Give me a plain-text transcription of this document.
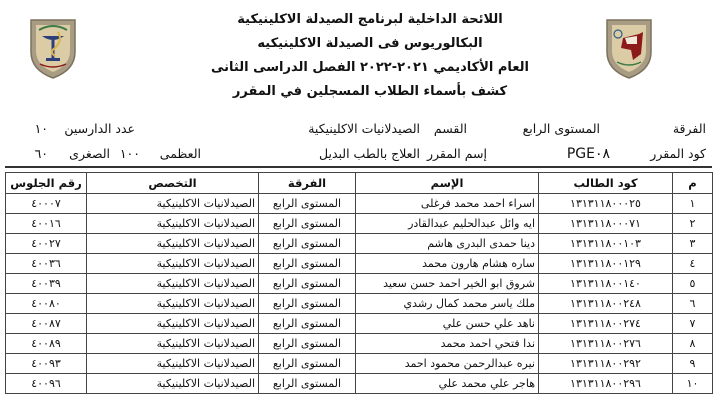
اللائحة الداخلية لبرنامج الصيدلة الاكلينيكية
البكالوريوس فى الصيدلة الاكلينيكيه
العام الأكاديمي ٢٠٢١-٢٠٢٢ الفصل الدراسى الثانى
كشف بأسماء الطلاب المسجلين في المقرر
الفرقة
المستوى الرابع
القسم
الصيدلانيات الاكلينيكية
عدد الدارسين
١٠
كود المقرر
PGE٠٨
إسم المقرر
العلاج بالطب البديل
العظمى
١٠٠
الصغرى
٦٠
م	كود الطالب	الإسم	الفرقة	التخصص	رقم الجلوس
١	١٣١٣١١٨٠٠٠٢٥	اسراء احمد محمد فرغلى	المستوى الرابع	الصيدلانيات الاكلينيكية	٤٠٠٠٧
٢	١٣١٣١١٨٠٠٠٧١	ايه وائل عبدالحليم عبدالقادر	المستوى الرابع	الصيدلانيات الاكلينيكية	٤٠٠١٦
٣	١٣١٣١١٨٠٠١٠٣	دينا حمدى البدرى هاشم	المستوى الرابع	الصيدلانيات الاكلينيكية	٤٠٠٢٧
٤	١٣١٣١١٨٠٠١٢٩	ساره هشام هارون محمد	المستوى الرابع	الصيدلانيات الاكلينيكية	٤٠٠٣٦
٥	١٣١٣١١٨٠٠١٤٠	شروق ابو الخير احمد حسن سعيد	المستوى الرابع	الصيدلانيات الاكلينيكية	٤٠٠٣٩
٦	١٣١٣١١٨٠٠٢٤٨	ملك ياسر محمد كمال رشدي	المستوى الرابع	الصيدلانيات الاكلينيكية	٤٠٠٨٠
٧	١٣١٣١١٨٠٠٢٧٤	ناهد علي حسن علي	المستوى الرابع	الصيدلانيات الاكلينيكية	٤٠٠٨٧
٨	١٣١٣١١٨٠٠٢٧٦	ندا فتحي احمد محمد	المستوى الرابع	الصيدلانيات الاكلينيكية	٤٠٠٨٩
٩	١٣١٣١١٨٠٠٢٩٢	نيره عبدالرحمن محمود احمد	المستوى الرابع	الصيدلانيات الاكلينيكية	٤٠٠٩٣
١٠	١٣١٣١١٨٠٠٢٩٦	هاجر علي محمد علي	المستوى الرابع	الصيدلانيات الاكلينيكية	٤٠٠٩٦
